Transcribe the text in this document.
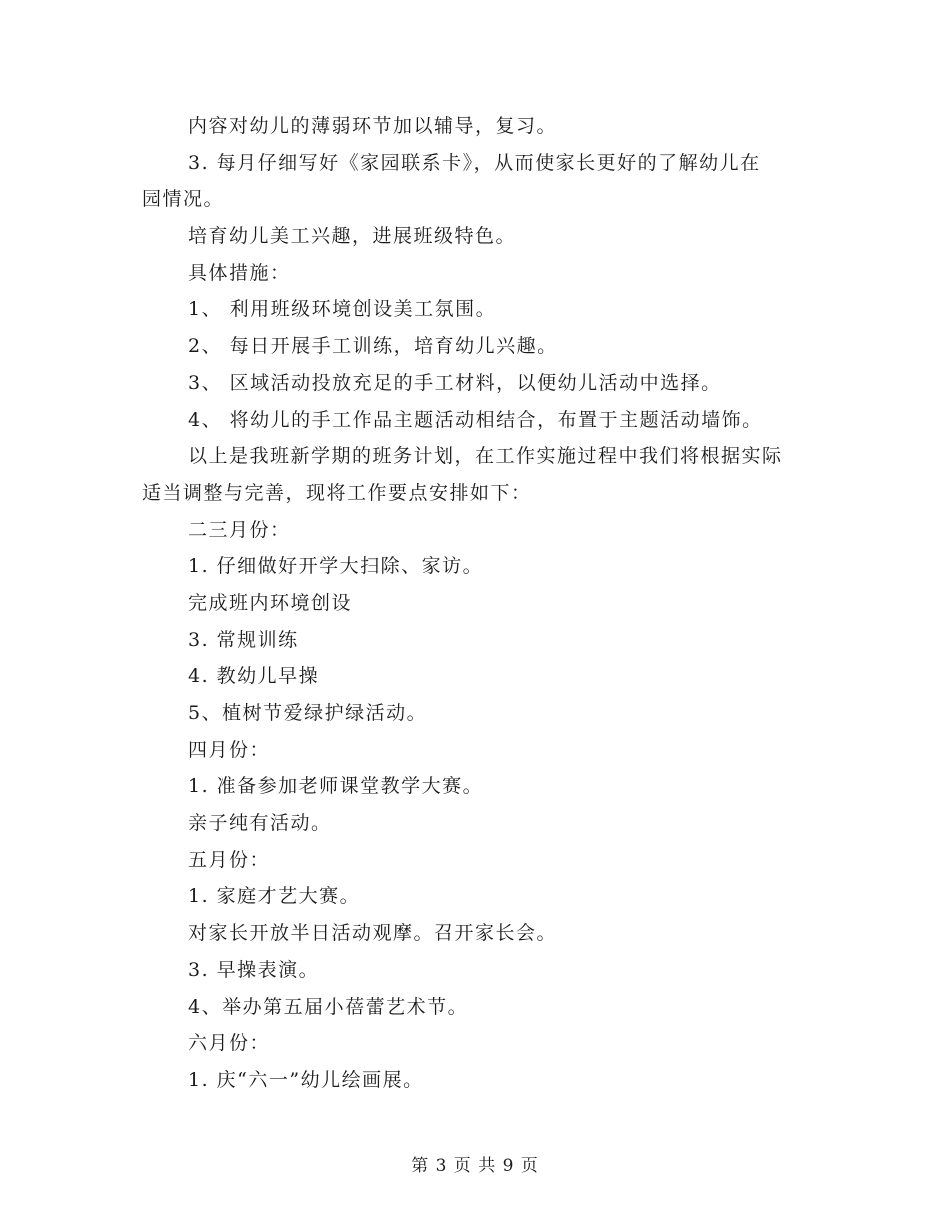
内容对幼儿的薄弱环节加以辅导，复习。
3. 每月仔细写好《家园联系卡》，从而使家长更好的了解幼儿在
园情况。
培育幼儿美工兴趣，进展班级特色。
具体措施：
1、 利用班级环境创设美工氛围。
2、 每日开展手工训练，培育幼儿兴趣。
3、 区域活动投放充足的手工材料，以便幼儿活动中选择。
4、 将幼儿的手工作品主题活动相结合，布置于主题活动墙饰。
以上是我班新学期的班务计划，在工作实施过程中我们将根据实际
适当调整与完善，现将工作要点安排如下：
二三月份：
1. 仔细做好开学大扫除、家访。
完成班内环境创设
3. 常规训练
4. 教幼儿早操
5、植树节爱绿护绿活动。
四月份：
1. 准备参加老师课堂教学大赛。
亲子纯有活动。
五月份：
1. 家庭才艺大赛。
对家长开放半日活动观摩。召开家长会。
3. 早操表演。
4、举办第五届小蓓蕾艺术节。
六月份：
1. 庆“六一”幼儿绘画展。
第 3 页 共 9 页
